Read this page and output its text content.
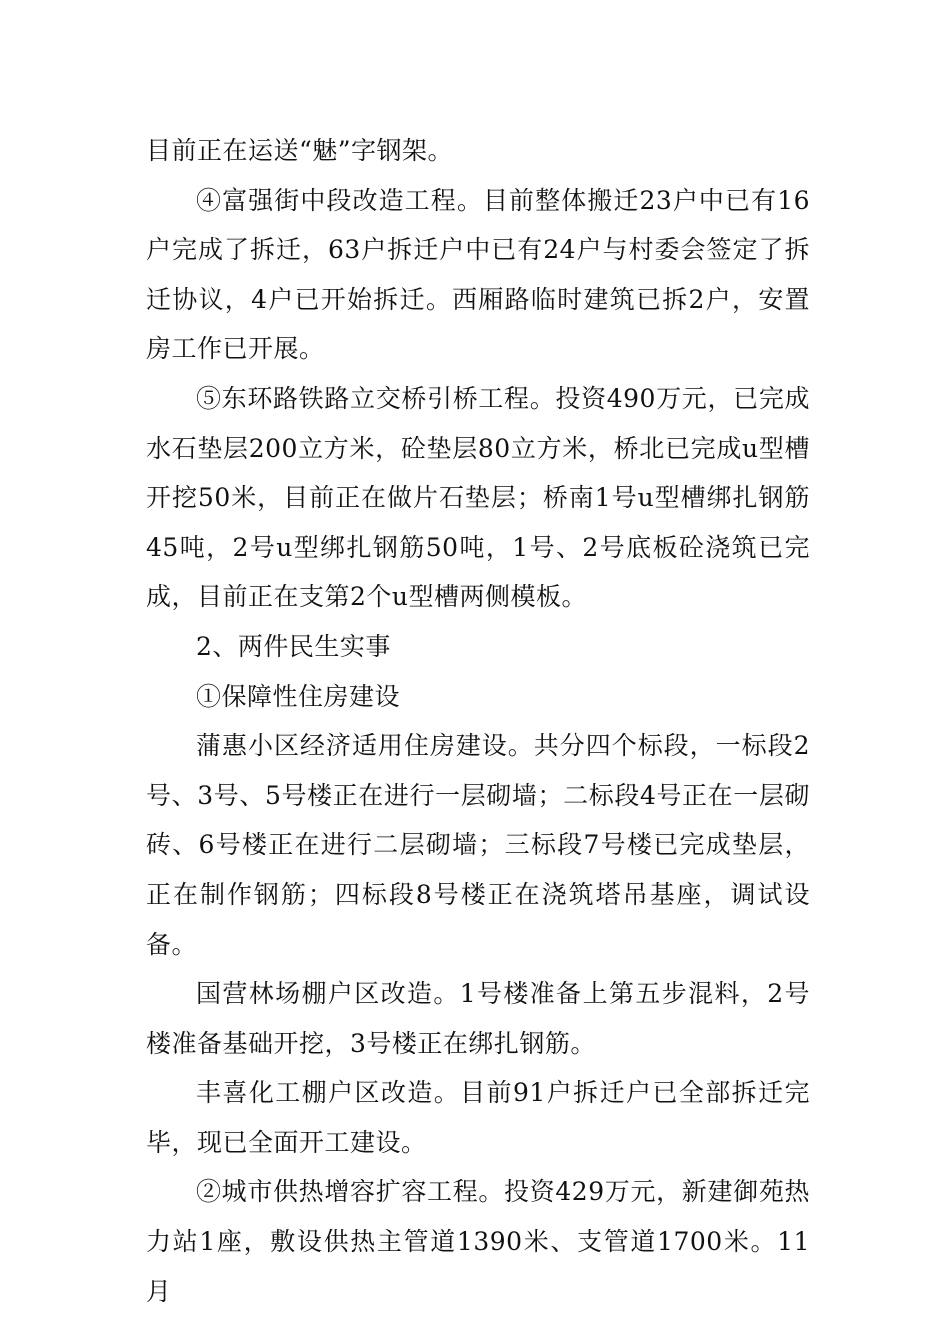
目前正在运送“魅”字钢架。

④富强街中段改造工程。目前整体搬迁23户中已有16户完成了拆迁，63户拆迁户中已有24户与村委会签定了拆迁协议，4户已开始拆迁。西厢路临时建筑已拆2户，安置房工作已开展。

⑤东环路铁路立交桥引桥工程。投资490万元，已完成水石垫层200立方米，砼垫层80立方米，桥北已完成u型槽开挖50米，目前正在做片石垫层；桥南1号u型槽绑扎钢筋45吨，2号u型绑扎钢筋50吨，1号、2号底板砼浇筑已完成，目前正在支第2个u型槽两侧模板。

2、两件民生实事

①保障性住房建设

蒲惠小区经济适用住房建设。共分四个标段，一标段2号、3号、5号楼正在进行一层砌墙；二标段4号正在一层砌砖、6号楼正在进行二层砌墙；三标段7号楼已完成垫层，正在制作钢筋；四标段8号楼正在浇筑塔吊基座，调试设备。

国营林场棚户区改造。1号楼准备上第五步混料，2号楼准备基础开挖，3号楼正在绑扎钢筋。

丰喜化工棚户区改造。目前91户拆迁户已全部拆迁完毕，现已全面开工建设。

②城市供热增容扩容工程。投资429万元，新建御苑热力站1座，敷设供热主管道1390米、支管道1700米。11月
